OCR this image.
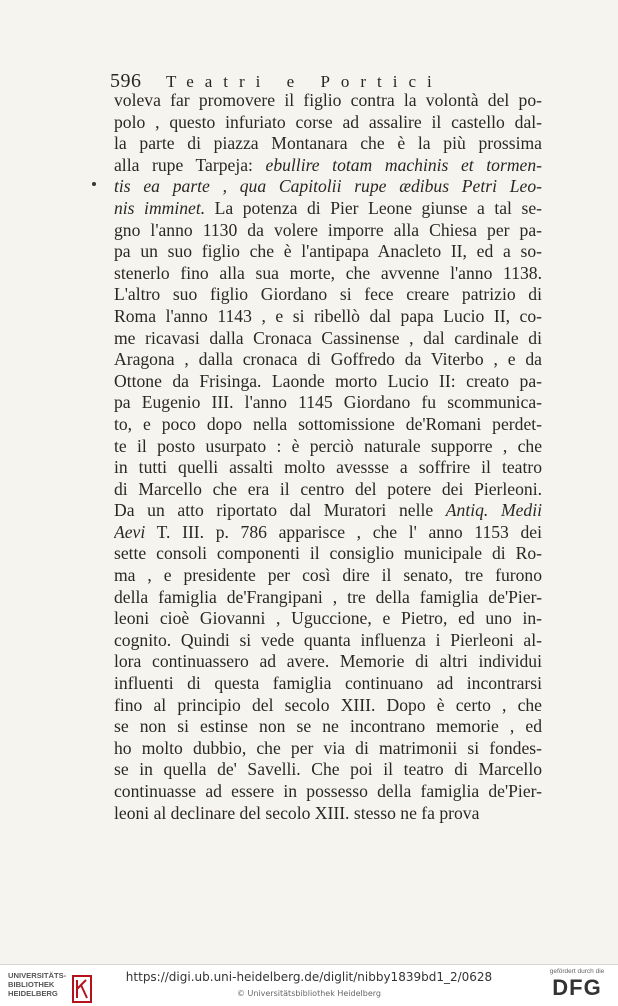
596 Teatri e Portici
voleva far promovere il figlio contra la volontà del po-
polo , questo infuriato corse ad assalire il castello dal-
la parte di piazza Montanara che è la più prossima
alla rupe Tarpeja: ebullire totam machinis et tormen-
tis ea parte , qua Capitolii rupe ædibus Petri Leo-
nis imminet. La potenza di Pier Leone giunse a tal se-
gno l'anno 1130 da volere imporre alla Chiesa per pa-
pa un suo figlio che è l'antipapa Anacleto II, ed a so-
stenerlo fino alla sua morte, che avvenne l'anno 1138.
L'altro suo figlio Giordano si fece creare patrizio di
Roma l'anno 1143 , e si ribellò dal papa Lucio II, co-
me ricavasi dalla Cronaca Cassinense , dal cardinale di
Aragona , dalla cronaca di Goffredo da Viterbo , e da
Ottone da Frisinga. Laonde morto Lucio II: creato pa-
pa Eugenio III. l'anno 1145 Giordano fu scommunica-
to, e poco dopo nella sottomissione de'Romani perdet-
te il posto usurpato : è perciò naturale supporre , che
in tutti quelli assalti molto avessse a soffrire il teatro
di Marcello che era il centro del potere dei Pierleoni.
Da un atto riportato dal Muratori nelle Antiq. Medii
Aevi T. III. p. 786 apparisce , che l' anno 1153 dei
sette consoli componenti il consiglio municipale di Ro-
ma , e presidente per così dire il senato, tre furono
della famiglia de'Frangipani , tre della famiglia de'Pier-
leoni cioè Giovanni , Uguccione, e Pietro, ed uno in-
cognito. Quindi si vede quanta influenza i Pierleoni al-
lora continuassero ad avere. Memorie di altri individui
influenti di questa famiglia continuano ad incontrarsi
fino al principio del secolo XIII. Dopo è certo , che
se non si estinse non se ne incontrano memorie , ed
ho molto dubbio, che per via di matrimonii si fondes-
se in quella de' Savelli. Che poi il teatro di Marcello
continuasse ad essere in possesso della famiglia de'Pier-
leoni al declinare del secolo XIII. stesso ne fa prova
UNIVERSITÄTS-
BIBLIOTHEK
HEIDELBERG
https://digi.ub.uni-heidelberg.de/diglit/nibby1839bd1_2/0628
© Universitätsbibliothek Heidelberg
gefördert durch die
DFG
